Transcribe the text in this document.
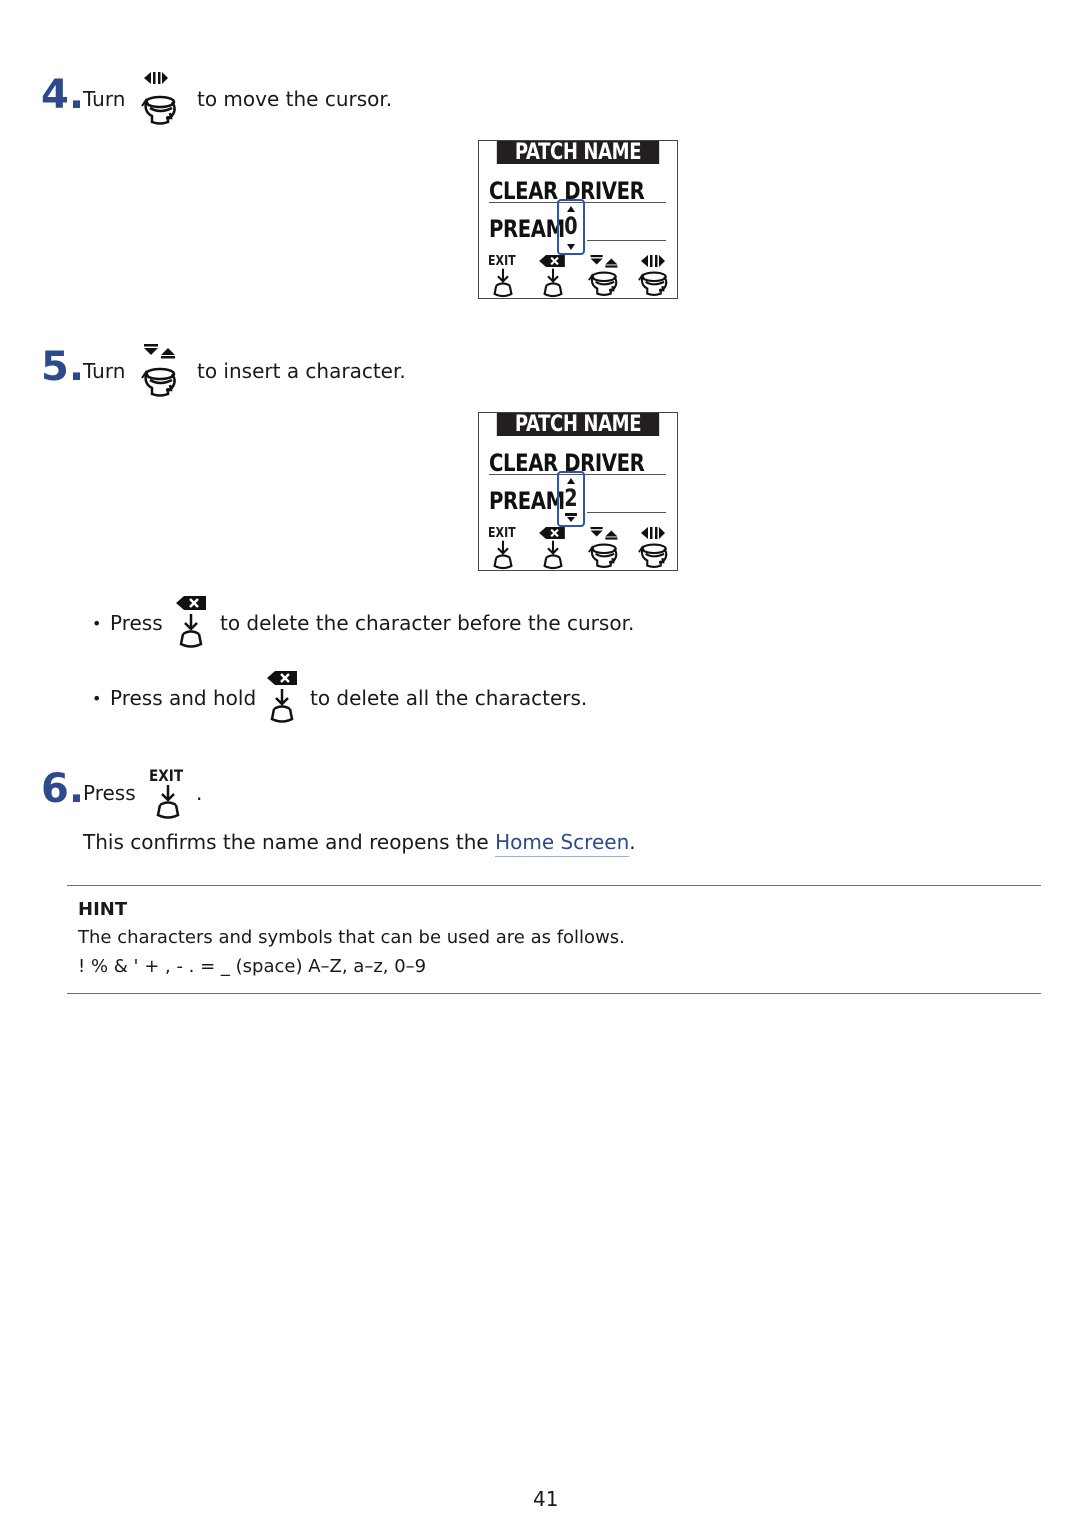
4.
Turn	to move the cursor.
PATCH NAME
CLEAR DRIVER
PREAM 0
EXIT
5.
Turn	to insert a character.
PATCH NAME
CLEAR DRIVER
PREAM 2
EXIT
• Press	to delete the character before the cursor.
• Press and hold	to delete all the characters.
6.
Press
EXIT
.
This confirms the name and reopens the Home Screen.
HINT
The characters and symbols that can be used are as follows.
! % & ' + , - . = _ (space) A–Z, a–z, 0–9
41
